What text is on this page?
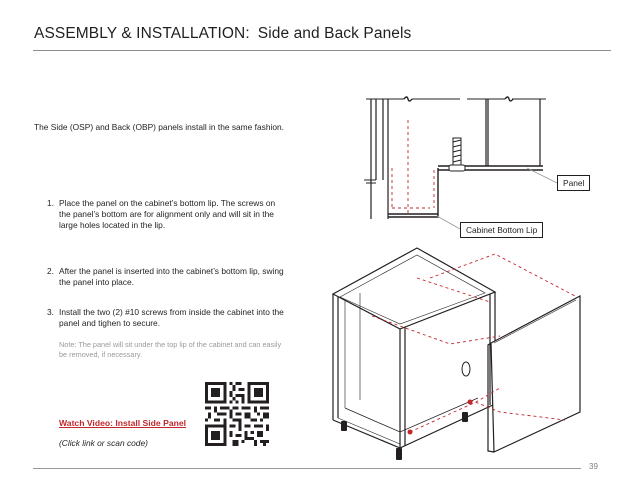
ASSEMBLY & INSTALLATION: Side and Back Panels
The Side (OSP) and Back (OBP) panels install in the same fashion.
1. Place the panel on the cabinet’s bottom lip. The screws on the panel’s bottom are for alignment only and will sit in the large holes located in the lip.
2. After the panel is inserted into the cabinet’s bottom lip, swing the panel into place.
3. Install the two (2) #10 screws from inside the cabinet into the panel and tighen to secure.
Note: The panel will sit under the top lip of the cabinet and can easily be removed, if necessary.
Watch Video: Install Side Panel
(Click link or scan code)
Panel
Cabinet Bottom Lip
39
